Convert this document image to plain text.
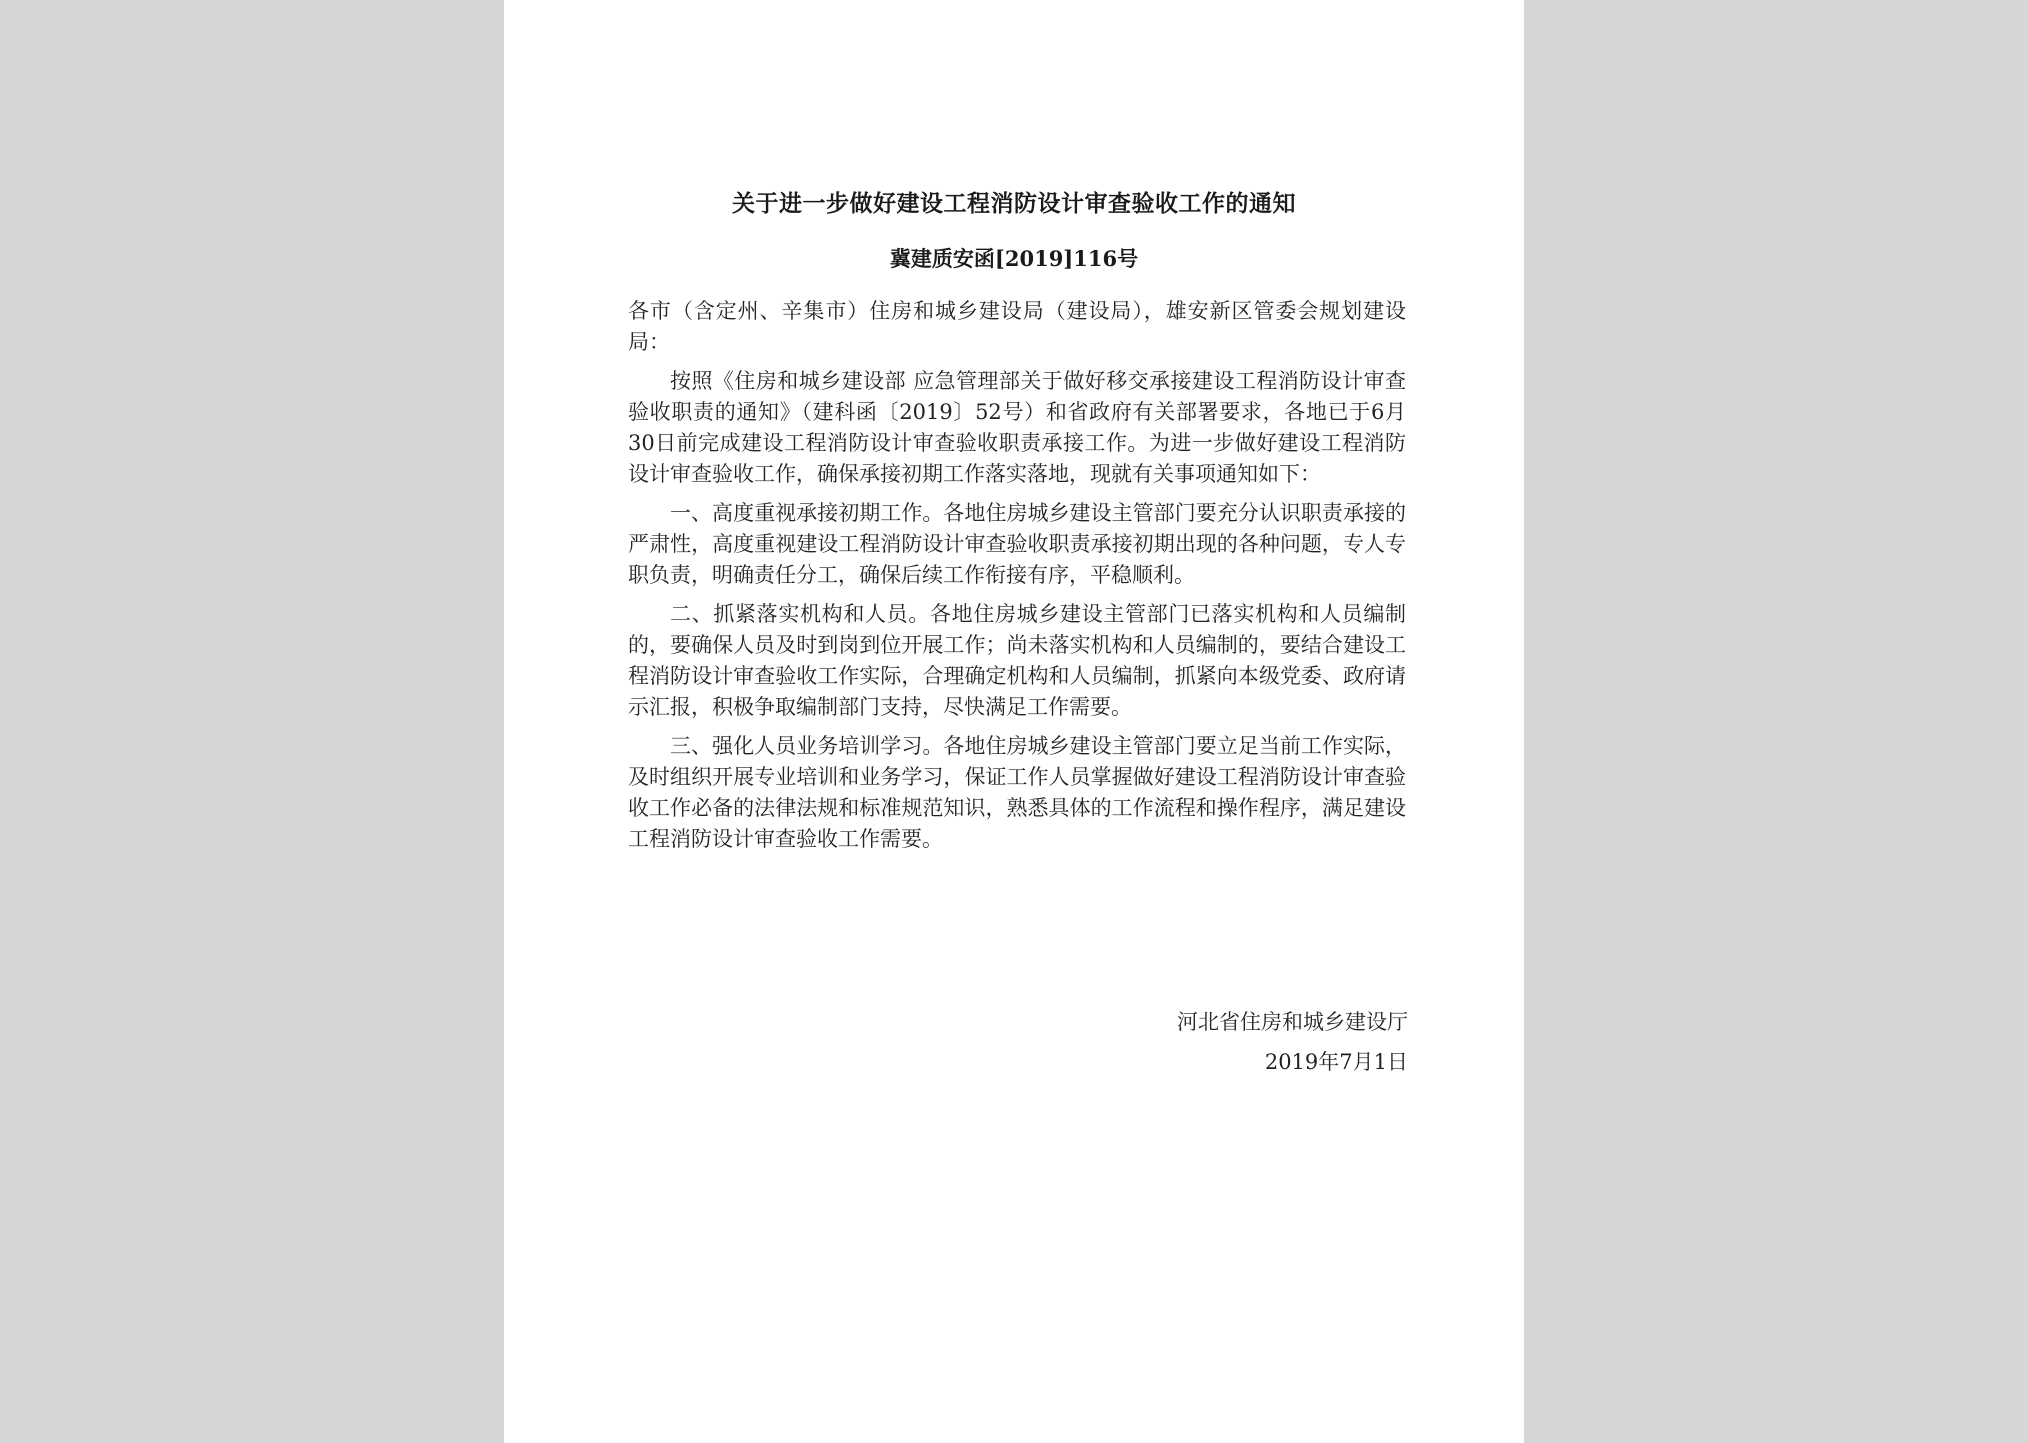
关于进一步做好建设工程消防设计审查验收工作的通知
冀建质安函[2019]116号

各市（含定州、辛集市）住房和城乡建设局（建设局），雄安新区管委会规划建设局：

按照《住房和城乡建设部 应急管理部关于做好移交承接建设工程消防设计审查验收职责的通知》（建科函〔2019〕52号）和省政府有关部署要求，各地已于6月30日前完成建设工程消防设计审查验收职责承接工作。为进一步做好建设工程消防设计审查验收工作，确保承接初期工作落实落地，现就有关事项通知如下：

一、高度重视承接初期工作。各地住房城乡建设主管部门要充分认识职责承接的严肃性，高度重视建设工程消防设计审查验收职责承接初期出现的各种问题，专人专职负责，明确责任分工，确保后续工作衔接有序，平稳顺利。

二、抓紧落实机构和人员。各地住房城乡建设主管部门已落实机构和人员编制的，要确保人员及时到岗到位开展工作；尚未落实机构和人员编制的，要结合建设工程消防设计审查验收工作实际，合理确定机构和人员编制，抓紧向本级党委、政府请示汇报，积极争取编制部门支持，尽快满足工作需要。

三、强化人员业务培训学习。各地住房城乡建设主管部门要立足当前工作实际，及时组织开展专业培训和业务学习，保证工作人员掌握做好建设工程消防设计审查验收工作必备的法律法规和标准规范知识，熟悉具体的工作流程和操作程序，满足建设工程消防设计审查验收工作需要。

河北省住房和城乡建设厅
2019年7月1日
